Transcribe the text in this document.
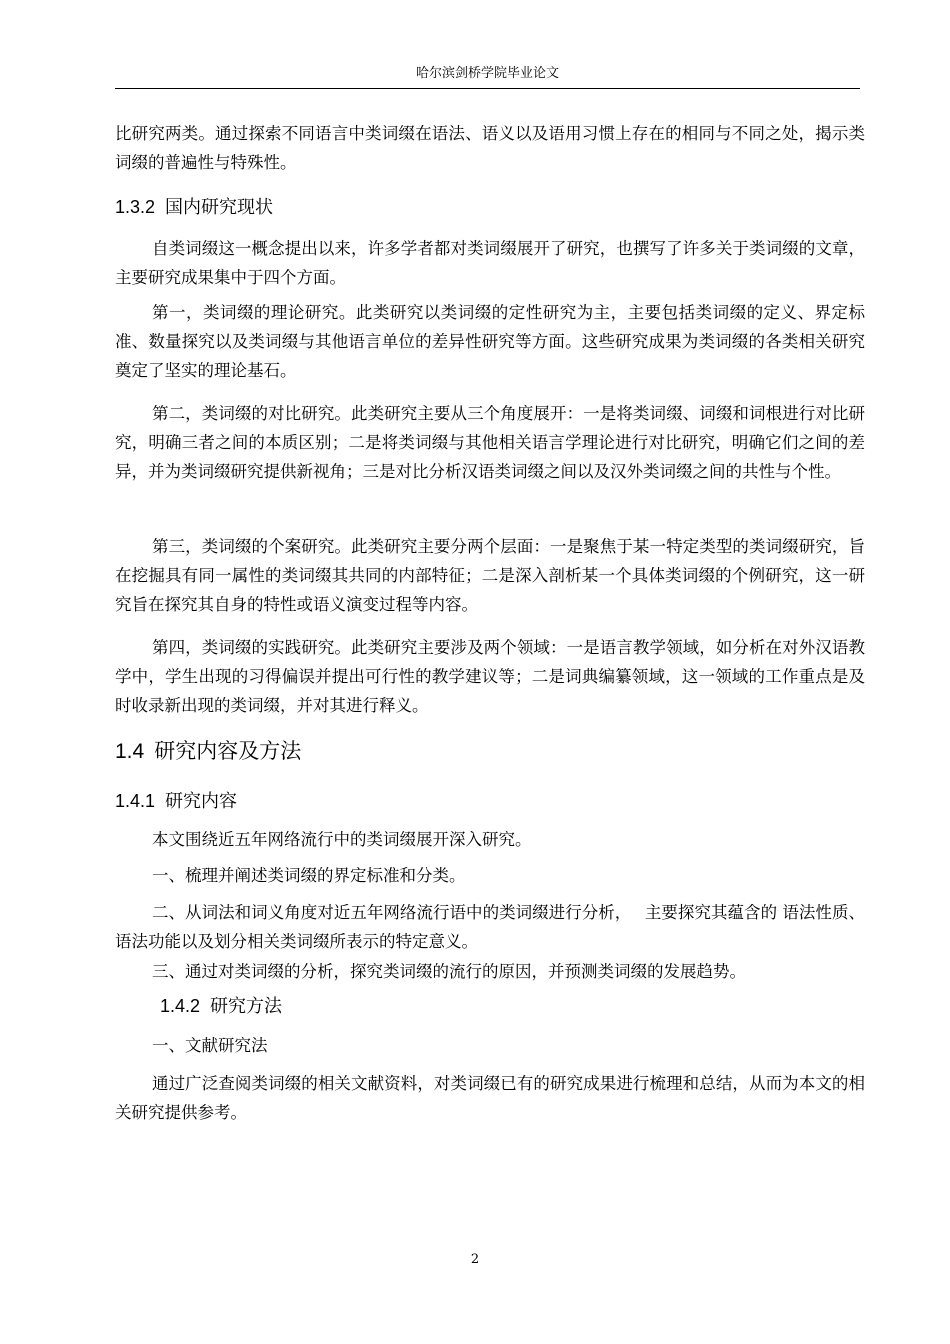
哈尔滨剑桥学院毕业论文

比研究两类。通过探索不同语言中类词缀在语法、语义以及语用习惯上存在的相同与不同之处，揭示类词缀的普遍性与特殊性。

1.3.2 国内研究现状

自类词缀这一概念提出以来，许多学者都对类词缀展开了研究，也撰写了许多关于类词缀的文章，主要研究成果集中于四个方面。

第一，类词缀的理论研究。此类研究以类词缀的定性研究为主，主要包括类词缀的定义、界定标准、数量探究以及类词缀与其他语言单位的差异性研究等方面。这些研究成果为类词缀的各类相关研究奠定了坚实的理论基石。

第二，类词缀的对比研究。此类研究主要从三个角度展开：一是将类词缀、词缀和词根进行对比研究，明确三者之间的本质区别；二是将类词缀与其他相关语言学理论进行对比研究，明确它们之间的差异，并为类词缀研究提供新视角；三是对比分析汉语类词缀之间以及汉外类词缀之间的共性与个性。

第三，类词缀的个案研究。此类研究主要分两个层面：一是聚焦于某一特定类型的类词缀研究，旨在挖掘具有同一属性的类词缀其共同的内部特征；二是深入剖析某一个具体类词缀的个例研究，这一研究旨在探究其自身的特性或语义演变过程等内容。

第四，类词缀的实践研究。此类研究主要涉及两个领域：一是语言教学领域，如分析在对外汉语教学中，学生出现的习得偏误并提出可行性的教学建议等；二是词典编纂领域，这一领域的工作重点是及时收录新出现的类词缀，并对其进行释义。

1.4 研究内容及方法
1.4.1 研究内容

本文围绕近五年网络流行中的类词缀展开深入研究。

一、梳理并阐述类词缀的界定标准和分类。

二、从词法和词义角度对近五年网络流行语中的类词缀进行分析，　 主要探究其蕴含的 语法性质、语法功能以及划分相关类词缀所表示的特定意义。

三、通过对类词缀的分析，探究类词缀的流行的原因，并预测类词缀的发展趋势。

1.4.2 研究方法

一、文献研究法

通过广泛查阅类词缀的相关文献资料，对类词缀已有的研究成果进行梳理和总结，从而为本文的相关研究提供参考。

2
